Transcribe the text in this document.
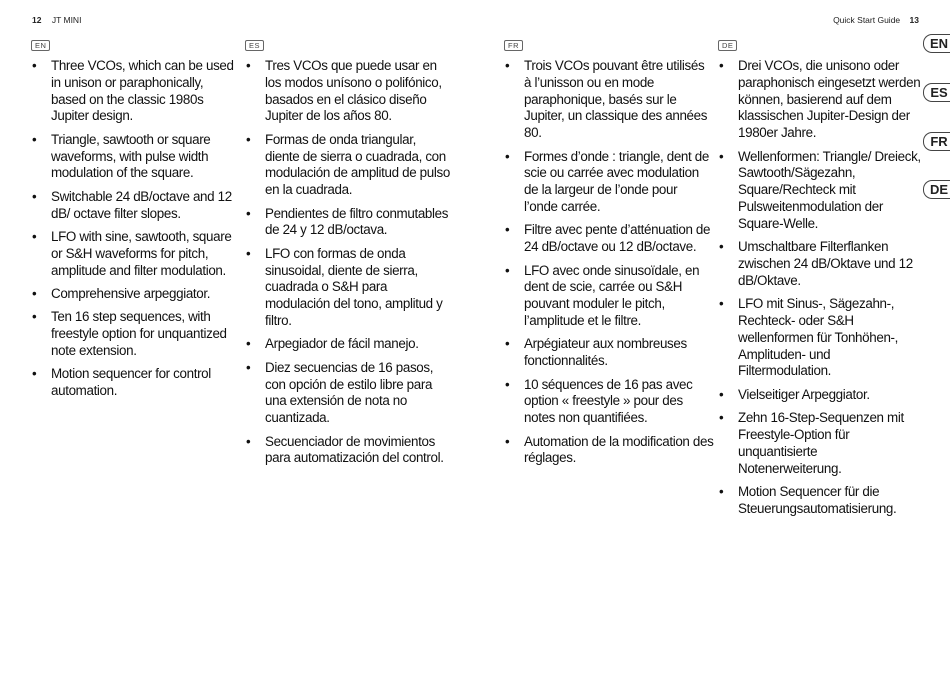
12 JT MINI	Quick Start Guide 13
EN
• Three VCOs, which can be used in unison or paraphonically, based on the classic 1980s Jupiter design.
• Triangle, sawtooth or square waveforms, with pulse width modulation of the square.
• Switchable 24 dB/octave and 12 dB/ octave filter slopes.
• LFO with sine, sawtooth, square or S&H waveforms for pitch, amplitude and filter modulation.
• Comprehensive arpeggiator.
• Ten 16 step sequences, with freestyle option for unquantized note extension.
• Motion sequencer for control automation.
ES
• Tres VCOs que puede usar en los modos unísono o polifónico, basados en el clásico diseño Jupiter de los años 80.
• Formas de onda triangular, diente de sierra o cuadrada, con modulación de amplitud de pulso en la cuadrada.
• Pendientes de filtro conmutables de 24 y 12 dB/octava.
• LFO con formas de onda sinusoidal, diente de sierra, cuadrada o S&H para modulación del tono, amplitud y filtro.
• Arpegiador de fácil manejo.
• Diez secuencias de 16 pasos, con opción de estilo libre para una extensión de nota no cuantizada.
• Secuenciador de movimientos para automatización del control.
FR
• Trois VCOs pouvant être utilisés à l’unisson ou en mode paraphonique, basés sur le Jupiter, un classique des années 80.
• Formes d’onde : triangle, dent de scie ou carrée avec modulation de la largeur de l’onde pour l’onde carrée.
• Filtre avec pente d’atténuation de 24 dB/octave ou 12 dB/octave.
• LFO avec onde sinusoïdale, en dent de scie, carrée ou S&H pouvant moduler le pitch, l’amplitude et le filtre.
• Arpégiateur aux nombreuses fonctionnalités.
• 10 séquences de 16 pas avec option « freestyle » pour des notes non quantifiées.
• Automation de la modification des réglages.
DE
• Drei VCOs, die unisono oder paraphonisch eingesetzt werden können, basierend auf dem klassischen Jupiter-Design der 1980er Jahre.
• Wellenformen: Triangle/ Dreieck, Sawtooth/Sägezahn, Square/Rechteck mit Pulsweitenmodulation der Square-Welle.
• Umschaltbare Filterflanken zwischen 24 dB/Oktave und 12 dB/Oktave.
• LFO mit Sinus-, Sägezahn-, Rechteck- oder S&H wellenformen für Tonhöhen-, Amplituden- und Filtermodulation.
• Vielseitiger Arpeggiator.
• Zehn 16-Step-Sequenzen mit Freestyle-Option für unquantisierte Notenerweiterung.
• Motion Sequencer für die Steuerungsautomatisierung.
EN
ES
FR
DE
